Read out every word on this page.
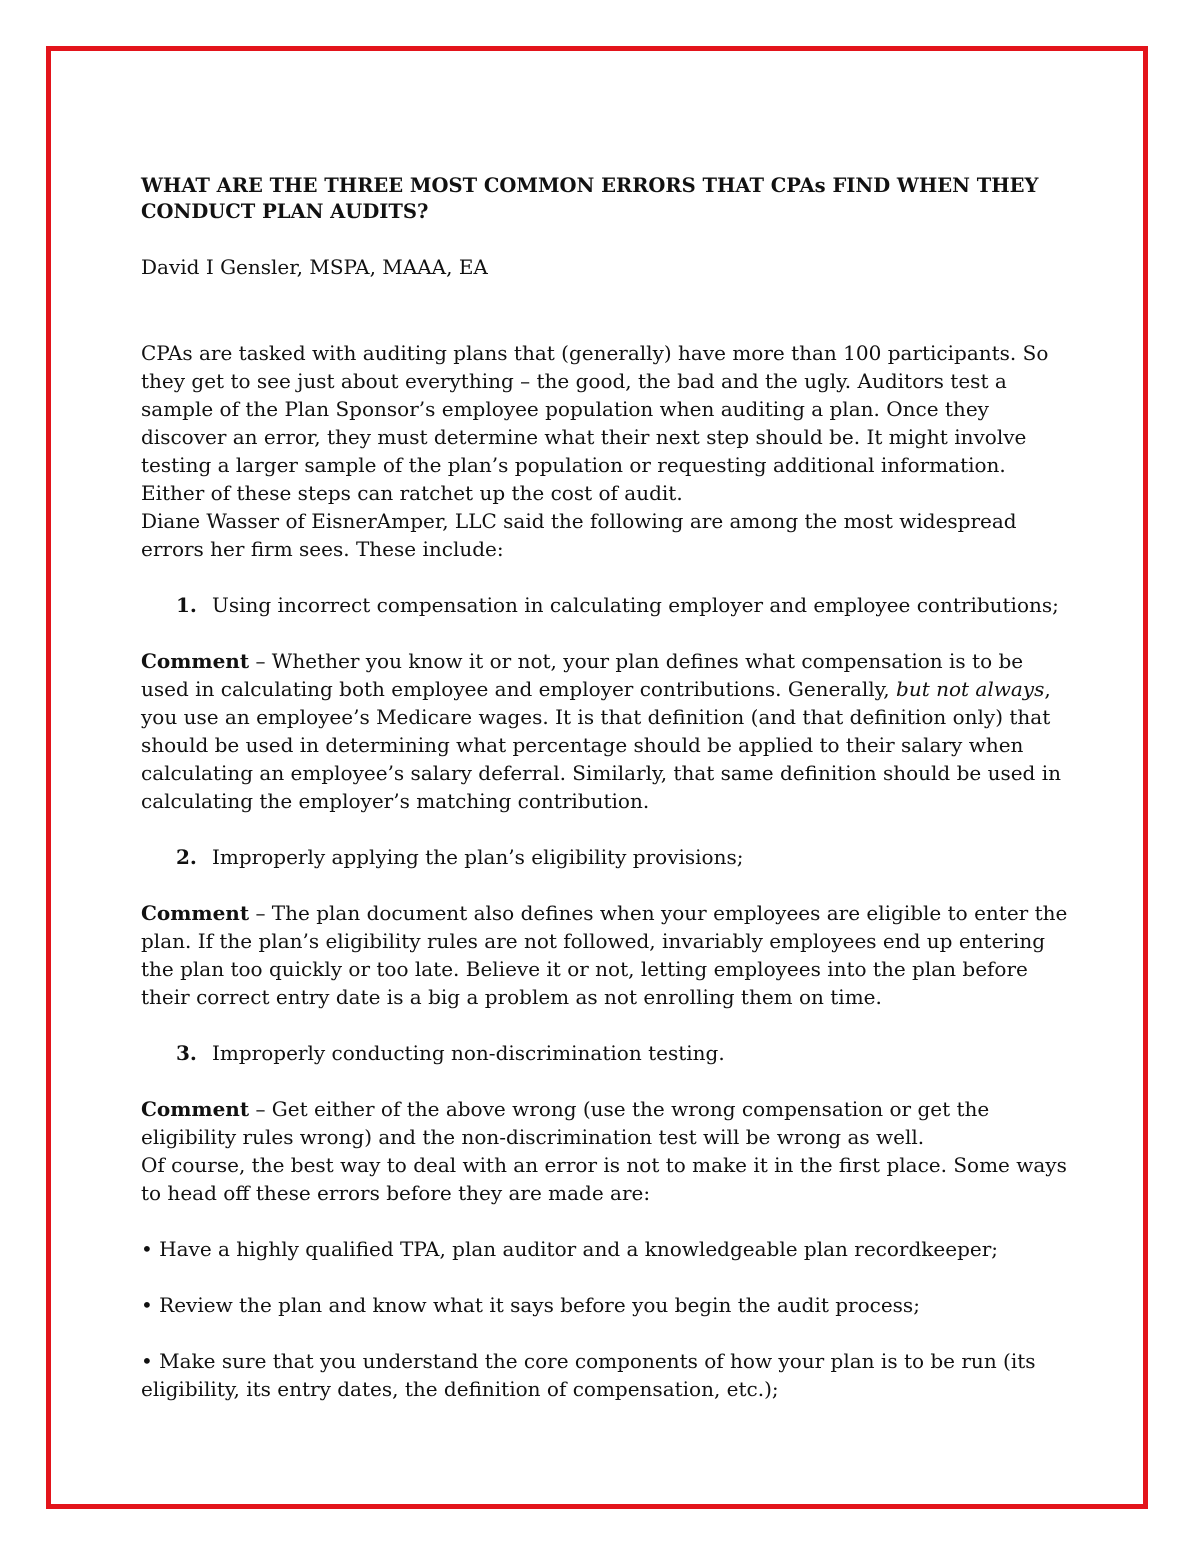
WHAT ARE THE THREE MOST COMMON ERRORS THAT CPAs FIND WHEN THEY CONDUCT PLAN AUDITS?

David I Gensler, MSPA, MAAA, EA

CPAs are tasked with auditing plans that (generally) have more than 100 participants. So they get to see just about everything – the good, the bad and the ugly. Auditors test a sample of the Plan Sponsor’s employee population when auditing a plan. Once they discover an error, they must determine what their next step should be. It might involve testing a larger sample of the plan’s population or requesting additional information. Either of these steps can ratchet up the cost of audit.

Diane Wasser of EisnerAmper, LLC said the following are among the most widespread errors her firm sees. These include:

1. Using incorrect compensation in calculating employer and employee contributions;

Comment – Whether you know it or not, your plan defines what compensation is to be used in calculating both employee and employer contributions. Generally, but not always, you use an employee’s Medicare wages. It is that definition (and that definition only) that should be used in determining what percentage should be applied to their salary when calculating an employee’s salary deferral. Similarly, that same definition should be used in calculating the employer’s matching contribution.

2. Improperly applying the plan’s eligibility provisions;

Comment – The plan document also defines when your employees are eligible to enter the plan. If the plan’s eligibility rules are not followed, invariably employees end up entering the plan too quickly or too late. Believe it or not, letting employees into the plan before their correct entry date is a big a problem as not enrolling them on time.

3. Improperly conducting non-discrimination testing.

Comment – Get either of the above wrong (use the wrong compensation or get the eligibility rules wrong) and the non-discrimination test will be wrong as well.

Of course, the best way to deal with an error is not to make it in the first place. Some ways to head off these errors before they are made are:

• Have a highly qualified TPA, plan auditor and a knowledgeable plan recordkeeper;

• Review the plan and know what it says before you begin the audit process;

• Make sure that you understand the core components of how your plan is to be run (its eligibility, its entry dates, the definition of compensation, etc.);
